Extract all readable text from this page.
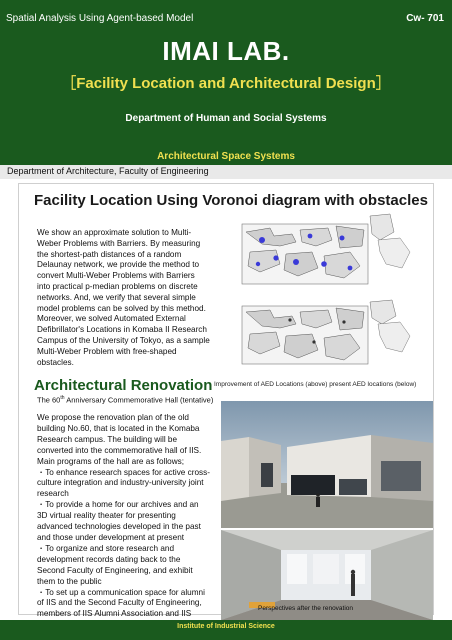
Spatial Analysis Using Agent-based Model	Cw- 701
IMAI LAB.
［Facility Location and Architectural Design］
Department of Human and Social Systems
Architectural Space Systems
Department of Architecture, Faculty of Engineering
Facility Location Using Voronoi diagram with obstacles
We show an approximate solution to Multi-
Weber Problems with Barriers. By measuring
the shortest-path distances of a random
Delaunay network, we provide the method to
convert Multi-Weber Problems with Barriers
into practical p-median problems on discrete
networks. And, we verify that several simple
model problems can be solved by this method.
Moreover, we solved Automated External
Defibrillator's Locations in Komaba II Research
Campus of the University of Tokyo, as a sample
Multi-Weber Problem with free-shaped
obstacles.
Improvement of AED Locations (above) present AED locations (below)
Architectural Renovation
The 60th Anniversary Commemorative Hall (tentative)
We propose the renovation plan of the old
building No.60, that is located in the Komaba
Research campus. The building will be
converted into the commemorative hall of IIS.
Main programs of the hall are as follows;
・To enhance research spaces for active cross-
culture integration and industry-university joint
research
・To provide a home for our archives and an
3D virtual reality theater for presenting
advanced technologies developed in the past
and those under development at present
・To organize and store research and
development records dating back to the
Second Faculty of Engineering, and exhibit
them to the public
・To set up a communication space for alumni
of IIS and the Second Faculty of Engineering,
members of IIS Alumni Association and IIS
Perspectives after the renovation
Institute of Industrial Science
